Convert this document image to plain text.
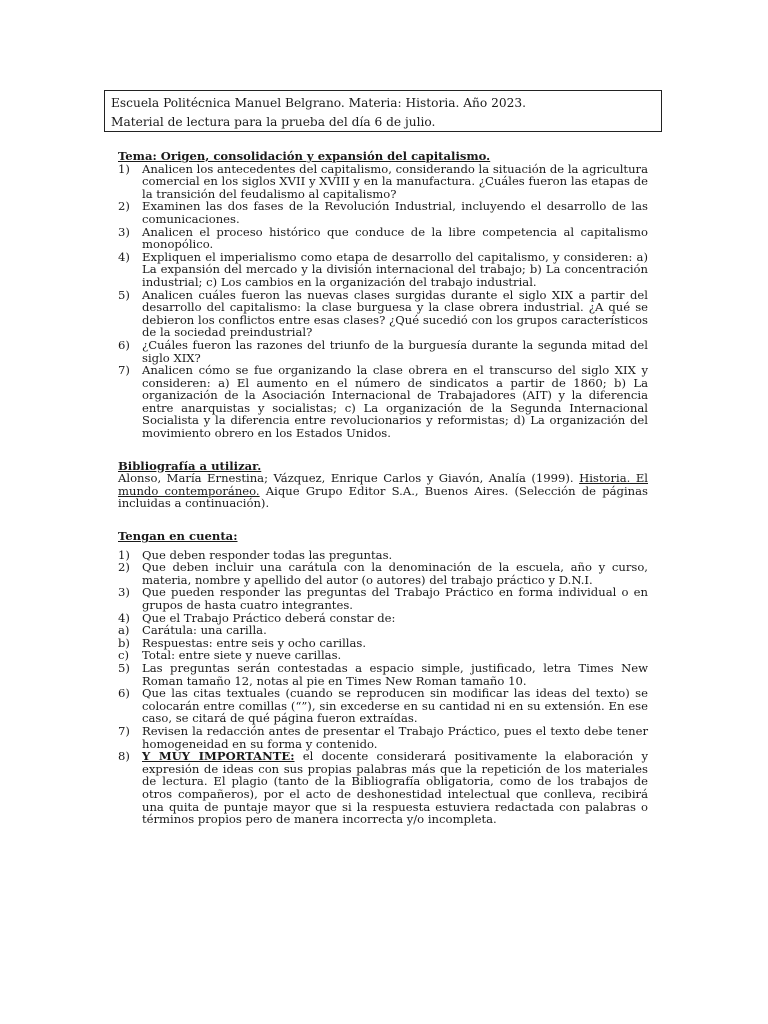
Escuela Politécnica Manuel Belgrano. Materia: Historia. Año 2023.
Material de lectura para la prueba del día 6 de julio.
Tema: Origen, consolidación y expansión del capitalismo.
1) Analicen los antecedentes del capitalismo, considerando la situación de la agricultura comercial en los siglos XVII y XVIII y en la manufactura. ¿Cuáles fueron las etapas de la transición del feudalismo al capitalismo?
2) Examinen las dos fases de la Revolución Industrial, incluyendo el desarrollo de las comunicaciones.
3) Analicen el proceso histórico que conduce de la libre competencia al capitalismo monopólico.
4) Expliquen el imperialismo como etapa de desarrollo del capitalismo, y consideren: a) La expansión del mercado y la división internacional del trabajo; b) La concentración industrial; c) Los cambios en la organización del trabajo industrial.
5) Analicen cuáles fueron las nuevas clases surgidas durante el siglo XIX a partir del desarrollo del capitalismo: la clase burguesa y la clase obrera industrial. ¿A qué se debieron los conflictos entre esas clases? ¿Qué sucedió con los grupos característicos de la sociedad preindustrial?
6) ¿Cuáles fueron las razones del triunfo de la burguesía durante la segunda mitad del siglo XIX?
7) Analicen cómo se fue organizando la clase obrera en el transcurso del siglo XIX y consideren: a) El aumento en el número de sindicatos a partir de 1860; b) La organización de la Asociación Internacional de Trabajadores (AIT) y la diferencia entre anarquistas y socialistas; c) La organización de la Segunda Internacional Socialista y la diferencia entre revolucionarios y reformistas; d) La organización del movimiento obrero en los Estados Unidos.
Bibliografía a utilizar.
Alonso, María Ernestina; Vázquez, Enrique Carlos y Giavón, Analía (1999). Historia. El mundo contemporáneo. Aique Grupo Editor S.A., Buenos Aires. (Selección de páginas incluidas a continuación).
Tengan en cuenta:
1) Que deben responder todas las preguntas.
2) Que deben incluir una carátula con la denominación de la escuela, año y curso, materia, nombre y apellido del autor (o autores) del trabajo práctico y D.N.I.
3) Que pueden responder las preguntas del Trabajo Práctico en forma individual o en grupos de hasta cuatro integrantes.
4) Que el Trabajo Práctico deberá constar de:
a) Carátula: una carilla.
b) Respuestas: entre seis y ocho carillas.
c) Total: entre siete y nueve carillas.
5) Las preguntas serán contestadas a espacio simple, justificado, letra Times New Roman tamaño 12, notas al pie en Times New Roman tamaño 10.
6) Que las citas textuales (cuando se reproducen sin modificar las ideas del texto) se colocarán entre comillas (“”), sin excederse en su cantidad ni en su extensión. En ese caso, se citará de qué página fueron extraídas.
7) Revisen la redacción antes de presentar el Trabajo Práctico, pues el texto debe tener homogeneidad en su forma y contenido.
8) Y MUY IMPORTANTE: el docente considerará positivamente la elaboración y expresión de ideas con sus propias palabras más que la repetición de los materiales de lectura. El plagio (tanto de la Bibliografía obligatoria, como de los trabajos de otros compañeros), por el acto de deshonestidad intelectual que conlleva, recibirá una quita de puntaje mayor que si la respuesta estuviera redactada con palabras o términos propios pero de manera incorrecta y/o incompleta.
